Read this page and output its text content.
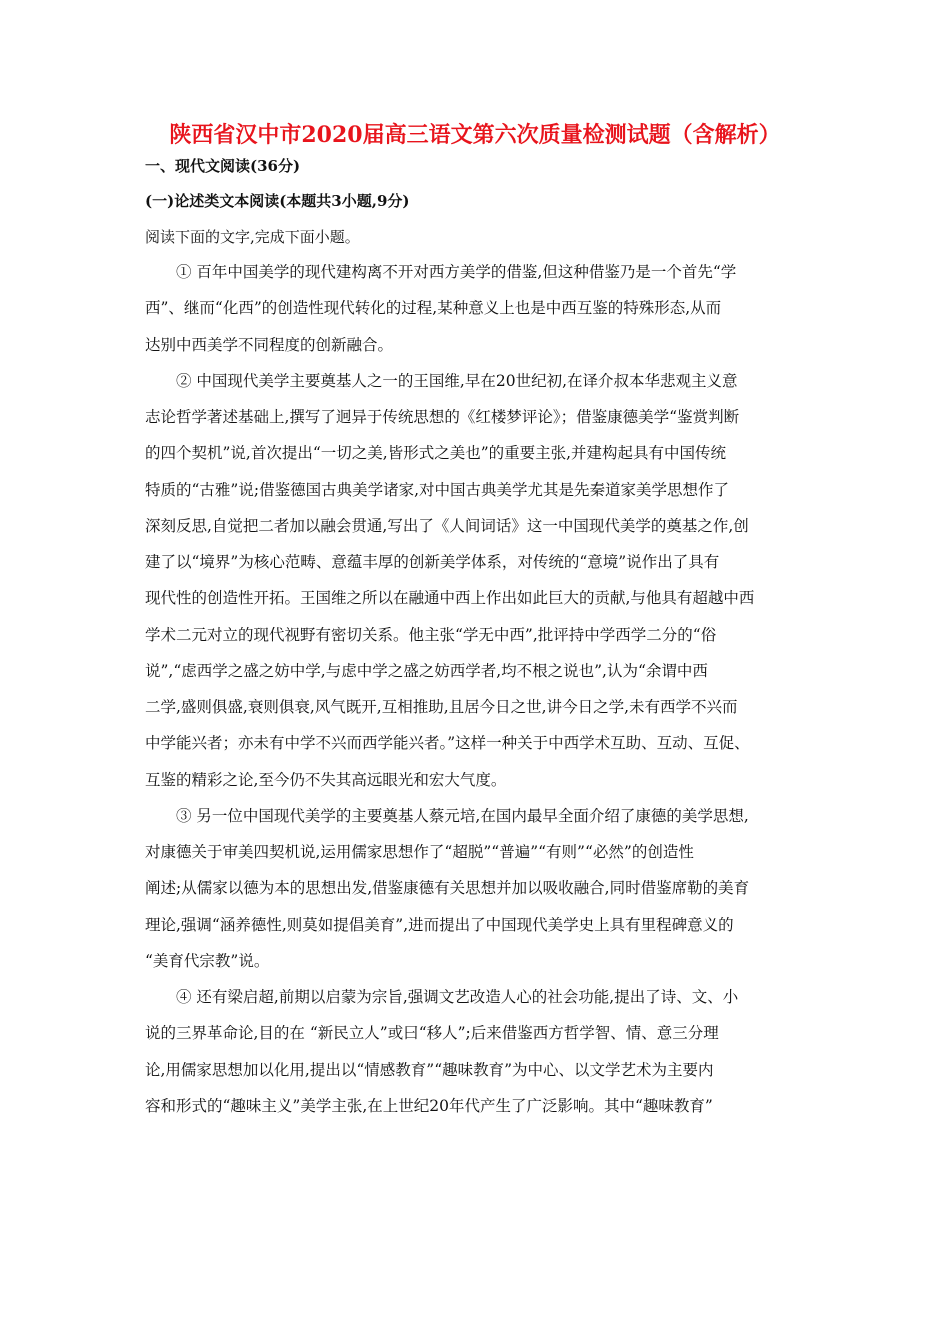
陕西省汉中市2020届高三语文第六次质量检测试题（含解析）
一、现代文阅读(36分)
(一)论述类文本阅读(本题共3小题,9分)
阅读下面的文字,完成下面小题。
　　① 百年中国美学的现代建构离不开对西方美学的借鉴,但这种借鉴乃是一个首先“学
西”、继而“化西”的创造性现代转化的过程,某种意义上也是中西互鉴的特殊形态,从而
达别中西美学不同程度的创新融合。
　　② 中国现代美学主要奠基人之一的王国维,早在20世纪初,在译介叔本华悲观主义意
志论哲学著述基础上,撰写了迥异于传统思想的《红楼梦评论》；借鉴康德美学“鉴赏判断
的四个契机”说,首次提出“一切之美,皆形式之美也”的重要主张,并建构起具有中国传统
特质的“古雅”说;借鉴德国古典美学诸家,对中国古典美学尤其是先秦道家美学思想作了
深刻反思,自觉把二者加以融会贯通,写出了《人间词话》这一中国现代美学的奠基之作,创
建了以“境界”为核心范畴、意蕴丰厚的创新美学体系，对传统的“意境”说作出了具有
现代性的创造性开拓。王国维之所以在融通中西上作出如此巨大的贡献,与他具有超越中西
学术二元对立的现代视野有密切关系。他主张“学无中西”,批评持中学西学二分的“俗
说”,“虑西学之盛之妨中学,与虑中学之盛之妨西学者,均不根之说也”,认为“余谓中西
二学,盛则俱盛,衰则俱衰,风气既开,互相推助,且居今日之世,讲今日之学,未有西学不兴而
中学能兴者；亦未有中学不兴而西学能兴者。”这样一种关于中西学术互助、互动、互促、
互鉴的精彩之论,至今仍不失其高远眼光和宏大气度。
　　③ 另一位中国现代美学的主要奠基人蔡元培,在国内最早全面介绍了康德的美学思想,
对康德关于审美四契机说,运用儒家思想作了“超脱”“普遍”“有则”“必然”的创造性
阐述;从儒家以德为本的思想出发,借鉴康德有关思想并加以吸收融合,同时借鉴席勒的美育
理论,强调“涵养德性,则莫如提倡美育”,进而提出了中国现代美学史上具有里程碑意义的
“美育代宗教”说。
　　④ 还有梁启超,前期以启蒙为宗旨,强调文艺改造人心的社会功能,提出了诗、文、小
说的三界革命论,目的在 “新民立人”或曰“移人”;后来借鉴西方哲学智、情、意三分理
论,用儒家思想加以化用,提出以“情感教育”“趣味教育”为中心、以文学艺术为主要内
容和形式的“趣味主义”美学主张,在上世纪20年代产生了广泛影响。其中“趣味教育”
